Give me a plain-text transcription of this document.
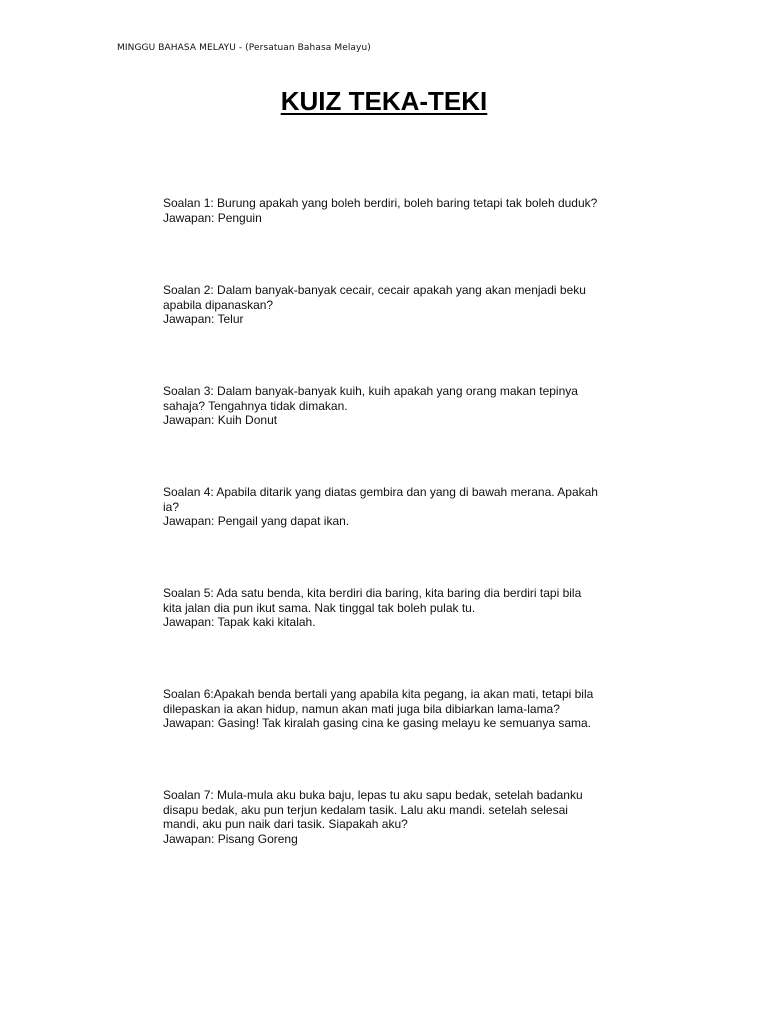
MINGGU BAHASA MELAYU - (Persatuan Bahasa Melayu)
KUIZ TEKA-TEKI

Soalan 1: Burung apakah yang boleh berdiri, boleh baring tetapi tak boleh duduk?

Jawapan: Penguin

Soalan 2: Dalam banyak-banyak cecair, cecair apakah yang akan menjadi beku

apabila dipanaskan?

Jawapan: Telur

Soalan 3: Dalam banyak-banyak kuih, kuih apakah yang orang makan tepinya

sahaja? Tengahnya tidak dimakan.

Jawapan: Kuih Donut

Soalan 4: Apabila ditarik yang diatas gembira dan yang di bawah merana. Apakah

ia?

Jawapan: Pengail yang dapat ikan.

Soalan 5: Ada satu benda, kita berdiri dia baring, kita baring dia berdiri tapi bila

kita jalan dia pun ikut sama. Nak tinggal tak boleh pulak tu.

Jawapan: Tapak kaki kitalah.

Soalan 6:Apakah benda bertali yang apabila kita pegang, ia akan mati, tetapi bila

dilepaskan ia akan hidup, namun akan mati juga bila dibiarkan lama-lama?

Jawapan: Gasing! Tak kiralah gasing cina ke gasing melayu ke semuanya sama.

Soalan 7: Mula-mula aku buka baju, lepas tu aku sapu bedak, setelah badanku

disapu bedak, aku pun terjun kedalam tasik. Lalu aku mandi. setelah selesai

mandi, aku pun naik dari tasik. Siapakah aku?

Jawapan: Pisang Goreng
